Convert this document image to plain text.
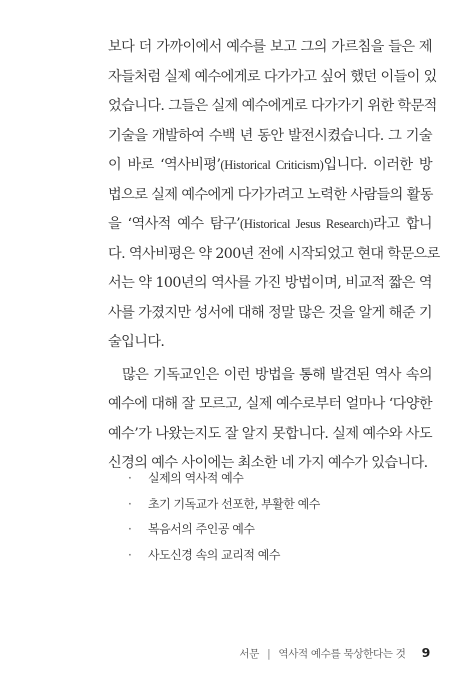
보다 더 가까이에서 예수를 보고 그의 가르침을 들은 제
자들처럼 실제 예수에게로 다가가고 싶어 했던 이들이 있
었습니다. 그들은 실제 예수에게로 다가가기 위한 학문적
기술을 개발하여 수백 년 동안 발전시켰습니다. 그 기술
이 바로 ‘역사비평’(Historical Criticism)입니다. 이러한 방
법으로 실제 예수에게 다가가려고 노력한 사람들의 활동
을 ‘역사적 예수 탐구’(Historical Jesus Research)라고 합니
다. 역사비평은 약 200년 전에 시작되었고 현대 학문으로
서는 약 100년의 역사를 가진 방법이며, 비교적 짧은 역
사를 가졌지만 성서에 대해 정말 많은 것을 알게 해준 기
술입니다.
많은 기독교인은 이런 방법을 통해 발견된 역사 속의
예수에 대해 잘 모르고, 실제 예수로부터 얼마나 ‘다양한
예수’가 나왔는지도 잘 알지 못합니다. 실제 예수와 사도
신경의 예수 사이에는 최소한 네 가지 예수가 있습니다.
· 실제의 역사적 예수
· 초기 기독교가 선포한, 부활한 예수
· 복음서의 주인공 예수
· 사도신경 속의 교리적 예수
서문 | 역사적 예수를 묵상한다는 것 9
